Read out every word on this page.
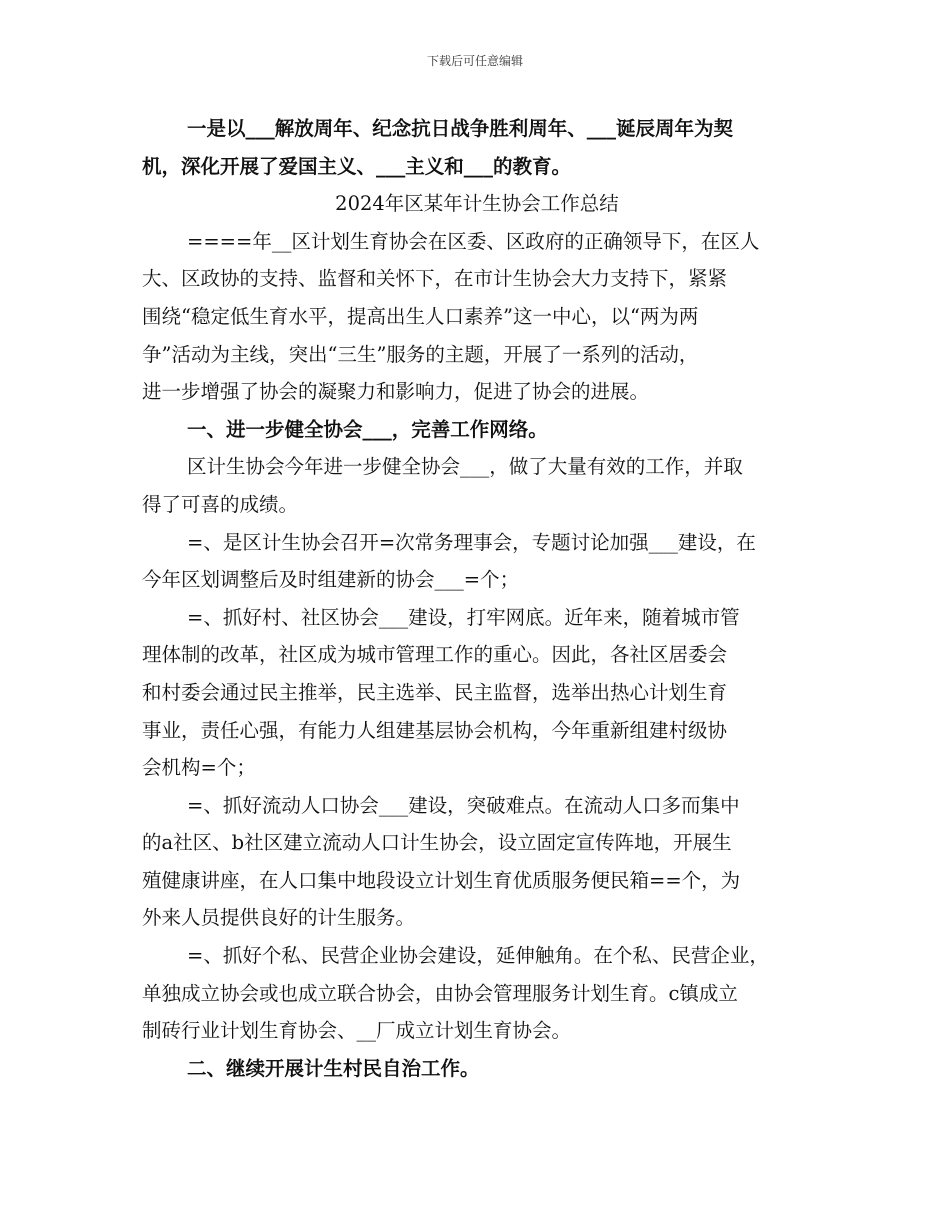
下载后可任意编辑
一是以___解放周年、纪念抗日战争胜利周年、___诞辰周年为契
机，深化开展了爱国主义、___主义和___的教育。
2024年区某年计生协会工作总结
====年__区计划生育协会在区委、区政府的正确领导下，在区人
大、区政协的支持、监督和关怀下，在市计生协会大力支持下，紧紧
围绕“稳定低生育水平，提高出生人口素养”这一中心，以“两为两
争”活动为主线，突出“三生”服务的主题，开展了一系列的活动，
进一步增强了协会的凝聚力和影响力，促进了协会的进展。
一、进一步健全协会___，完善工作网络。
区计生协会今年进一步健全协会___，做了大量有效的工作，并取
得了可喜的成绩。
=、是区计生协会召开=次常务理事会，专题讨论加强___建设，在
今年区划调整后及时组建新的协会___=个；
=、抓好村、社区协会___建设，打牢网底。近年来，随着城市管
理体制的改革，社区成为城市管理工作的重心。因此，各社区居委会
和村委会通过民主推举，民主选举、民主监督，选举出热心计划生育
事业，责任心强，有能力人组建基层协会机构，今年重新组建村级协
会机构=个；
=、抓好流动人口协会___建设，突破难点。在流动人口多而集中
的a社区、b社区建立流动人口计生协会，设立固定宣传阵地，开展生
殖健康讲座，在人口集中地段设立计划生育优质服务便民箱==个，为
外来人员提供良好的计生服务。
=、抓好个私、民营企业协会建设，延伸触角。在个私、民营企业，
单独成立协会或也成立联合协会，由协会管理服务计划生育。c镇成立
制砖行业计划生育协会、__厂成立计划生育协会。
二、继续开展计生村民自治工作。
